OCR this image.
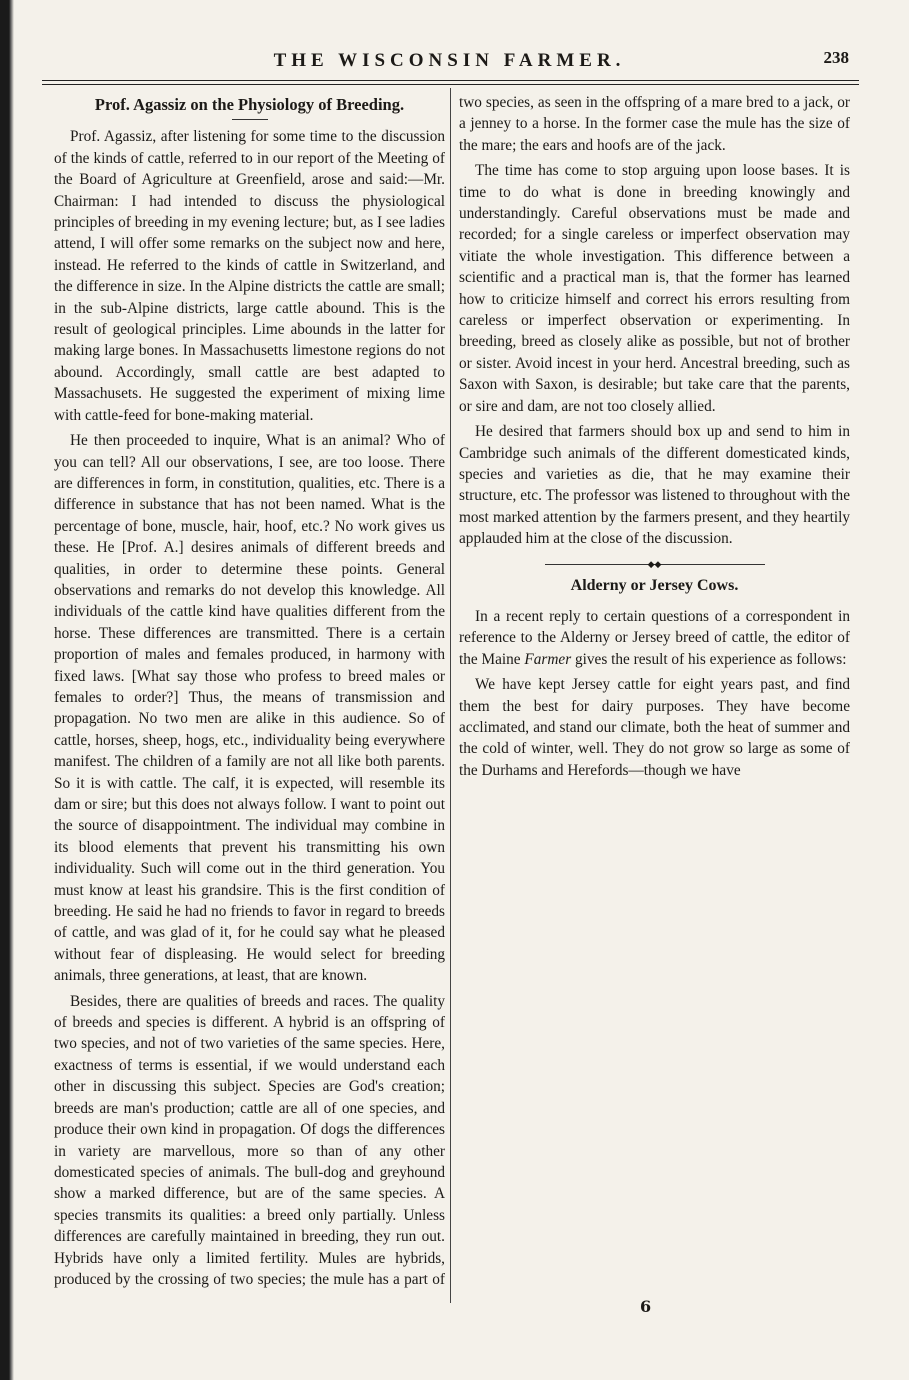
THE WISCONSIN FARMER.	238
Prof. Agassiz on the Physiology of Breeding.

Prof. Agassiz, after listening for some time to the discussion of the kinds of cattle, referred to in our report of the Meeting of the Board of Agriculture at Greenfield, arose and said:—Mr. Chairman: I had intended to discuss the physiological principles of breeding in my evening lecture; but, as I see ladies attend, I will offer some remarks on the subject now and here, instead. He referred to the kinds of cattle in Switzerland, and the difference in size. In the Alpine districts the cattle are small; in the sub-Alpine districts, large cattle abound. This is the result of geological principles. Lime abounds in the latter for making large bones. In Massachusetts limestone regions do not abound. Accordingly, small cattle are best adapted to Massachusets. He suggested the experiment of mixing lime with cattle-feed for bone-making material.

He then proceeded to inquire, What is an animal? Who of you can tell? All our observations, I see, are too loose. There are differences in form, in constitution, qualities, etc. There is a difference in substance that has not been named. What is the percentage of bone, muscle, hair, hoof, etc.? No work gives us these. He [Prof. A.] desires animals of different breeds and qualities, in order to determine these points. General observations and remarks do not develop this knowledge. All individuals of the cattle kind have qualities different from the horse. These differences are transmitted. There is a certain proportion of males and females produced, in harmony with fixed laws. [What say those who profess to breed males or females to order?] Thus, the means of transmission and propagation. No two men are alike in this audience. So of cattle, horses, sheep, hogs, etc., individuality being everywhere manifest. The children of a family are not all like both parents. So it is with cattle. The calf, it is expected, will resemble its dam or sire; but this does not always follow. I want to point out the source of disappointment. The individual may combine in its blood elements that prevent his transmitting his own individuality. Such will come out in the third generation. You must know at least his grandsire. This is the first condition of breeding. He said he had no friends to favor in regard to breeds of cattle, and was glad of it, for he could say what he pleased without fear of displeasing. He would select for breeding animals, three generations, at least, that are known.

Besides, there are qualities of breeds and races. The quality of breeds and species is different. A hybrid is an offspring of two species, and not of two varieties of the same species. Here, exactness of terms is essential, if we would understand each other in discussing this subject. Species are God's creation; breeds are man's production; cattle are all of one species, and produce their own kind in propagation. Of dogs the differences in variety are marvellous, more so than of any other domesticated species of animals. The bull-dog and greyhound show a marked difference, but are of the same species. A species transmits its qualities: a breed only partially. Unless differences are carefully maintained in breeding, they run out. Hybrids have only a limited fertility. Mules are hybrids, produced by the crossing of two species; the mule has a part of two species, as seen in the offspring of a mare bred to a jack, or a jenney to a horse. In the former case the mule has the size of the mare; the ears and hoofs are of the jack.

The time has come to stop arguing upon loose bases. It is time to do what is done in breeding knowingly and understandingly. Careful observations must be made and recorded; for a single careless or imperfect observation may vitiate the whole investigation. This difference between a scientific and a practical man is, that the former has learned how to criticize himself and correct his errors resulting from careless or imperfect observation or experimenting. In breeding, breed as closely alike as possible, but not of brother or sister. Avoid incest in your herd. Ancestral breeding, such as Saxon with Saxon, is desirable; but take care that the parents, or sire and dam, are not too closely allied.

He desired that farmers should box up and send to him in Cambridge such animals of the different domesticated kinds, species and varieties as die, that he may examine their structure, etc. The professor was listened to throughout with the most marked attention by the farmers present, and they heartily applauded him at the close of the discussion.

◆◆
Alderny or Jersey Cows.

In a recent reply to certain questions of a correspondent in reference to the Alderny or Jersey breed of cattle, the editor of the Maine Farmer gives the result of his experience as follows:

We have kept Jersey cattle for eight years past, and find them the best for dairy purposes. They have become acclimated, and stand our climate, both the heat of summer and the cold of winter, well. They do not grow so large as some of the Durhams and Herefords—though we have

6
